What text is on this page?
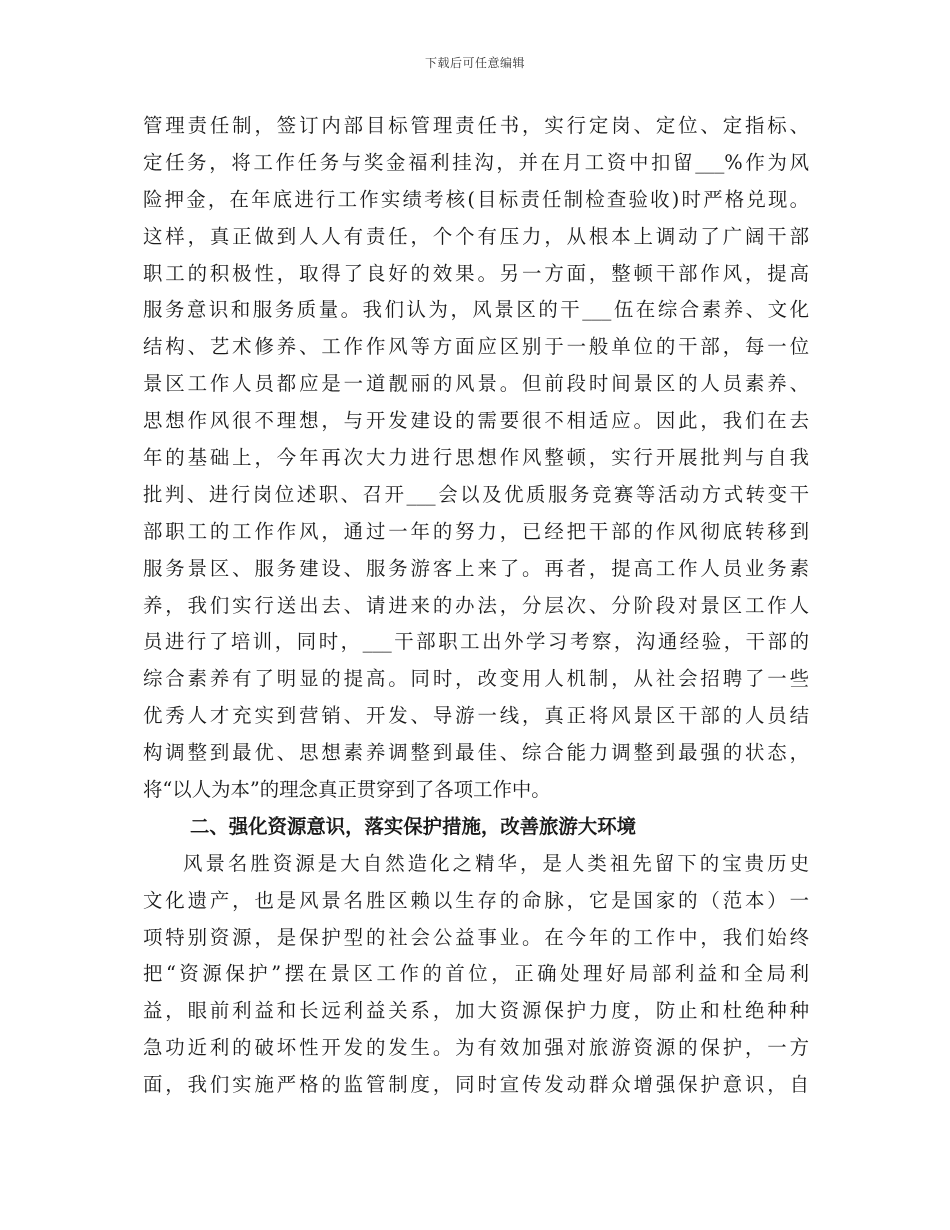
下载后可任意编辑
管理责任制，签订内部目标管理责任书，实行定岗、定位、定指标、
定任务，将工作任务与奖金福利挂沟，并在月工资中扣留___%作为风
险押金，在年底进行工作实绩考核(目标责任制检查验收)时严格兑现。
这样，真正做到人人有责任，个个有压力，从根本上调动了广阔干部
职工的积极性，取得了良好的效果。另一方面，整顿干部作风，提高
服务意识和服务质量。我们认为，风景区的干___伍在综合素养、文化
结构、艺术修养、工作作风等方面应区别于一般单位的干部，每一位
景区工作人员都应是一道靓丽的风景。但前段时间景区的人员素养、
思想作风很不理想，与开发建设的需要很不相适应。因此，我们在去
年的基础上，今年再次大力进行思想作风整顿，实行开展批判与自我
批判、进行岗位述职、召开___会以及优质服务竞赛等活动方式转变干
部职工的工作作风，通过一年的努力，已经把干部的作风彻底转移到
服务景区、服务建设、服务游客上来了。再者，提高工作人员业务素
养，我们实行送出去、请进来的办法，分层次、分阶段对景区工作人
员进行了培训，同时，___干部职工出外学习考察，沟通经验，干部的
综合素养有了明显的提高。同时，改变用人机制，从社会招聘了一些
优秀人才充实到营销、开发、导游一线，真正将风景区干部的人员结
构调整到最优、思想素养调整到最佳、综合能力调整到最强的状态，
将“以人为本”的理念真正贯穿到了各项工作中。
二、强化资源意识，落实保护措施，改善旅游大环境
风景名胜资源是大自然造化之精华，是人类祖先留下的宝贵历史
文化遗产，也是风景名胜区赖以生存的命脉，它是国家的（范本）一
项特别资源，是保护型的社会公益事业。在今年的工作中，我们始终
把“资源保护”摆在景区工作的首位，正确处理好局部利益和全局利
益，眼前利益和长远利益关系，加大资源保护力度，防止和杜绝种种
急功近利的破坏性开发的发生。为有效加强对旅游资源的保护，一方
面，我们实施严格的监管制度，同时宣传发动群众增强保护意识，自
